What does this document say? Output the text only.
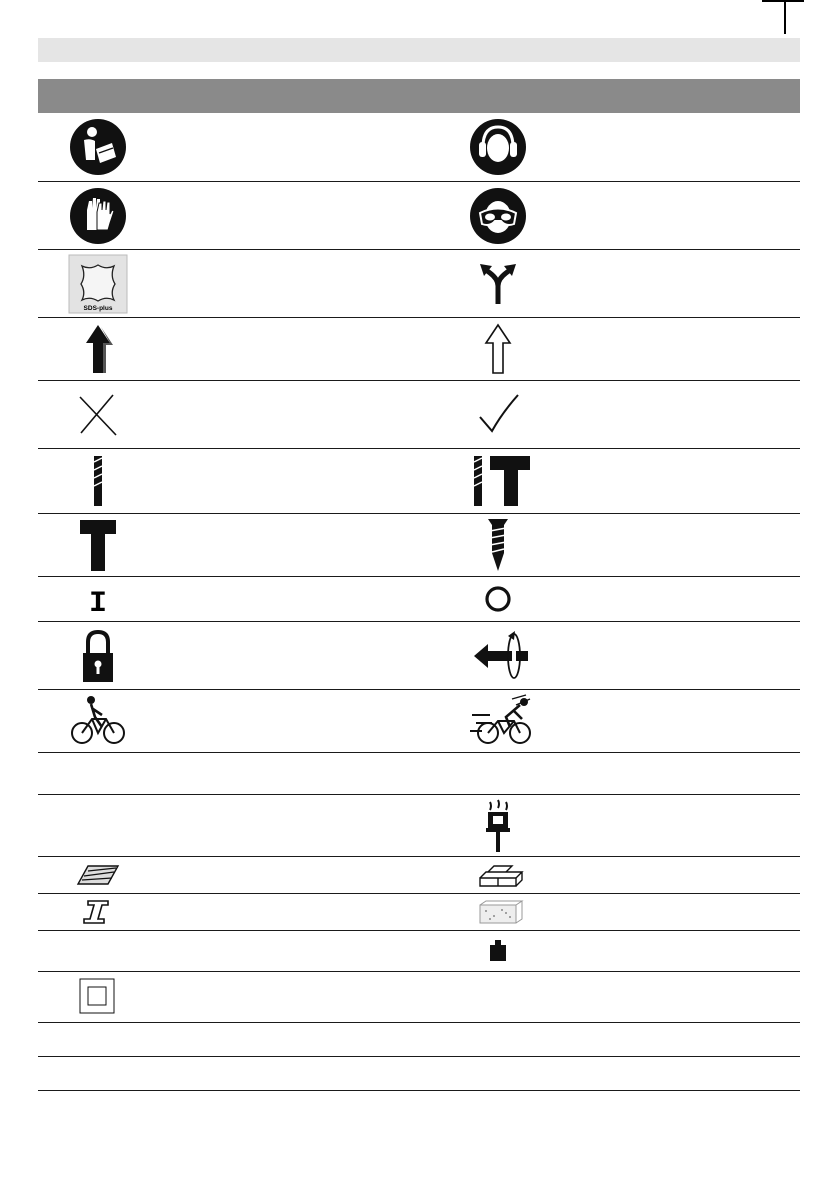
SDS-plus
I
